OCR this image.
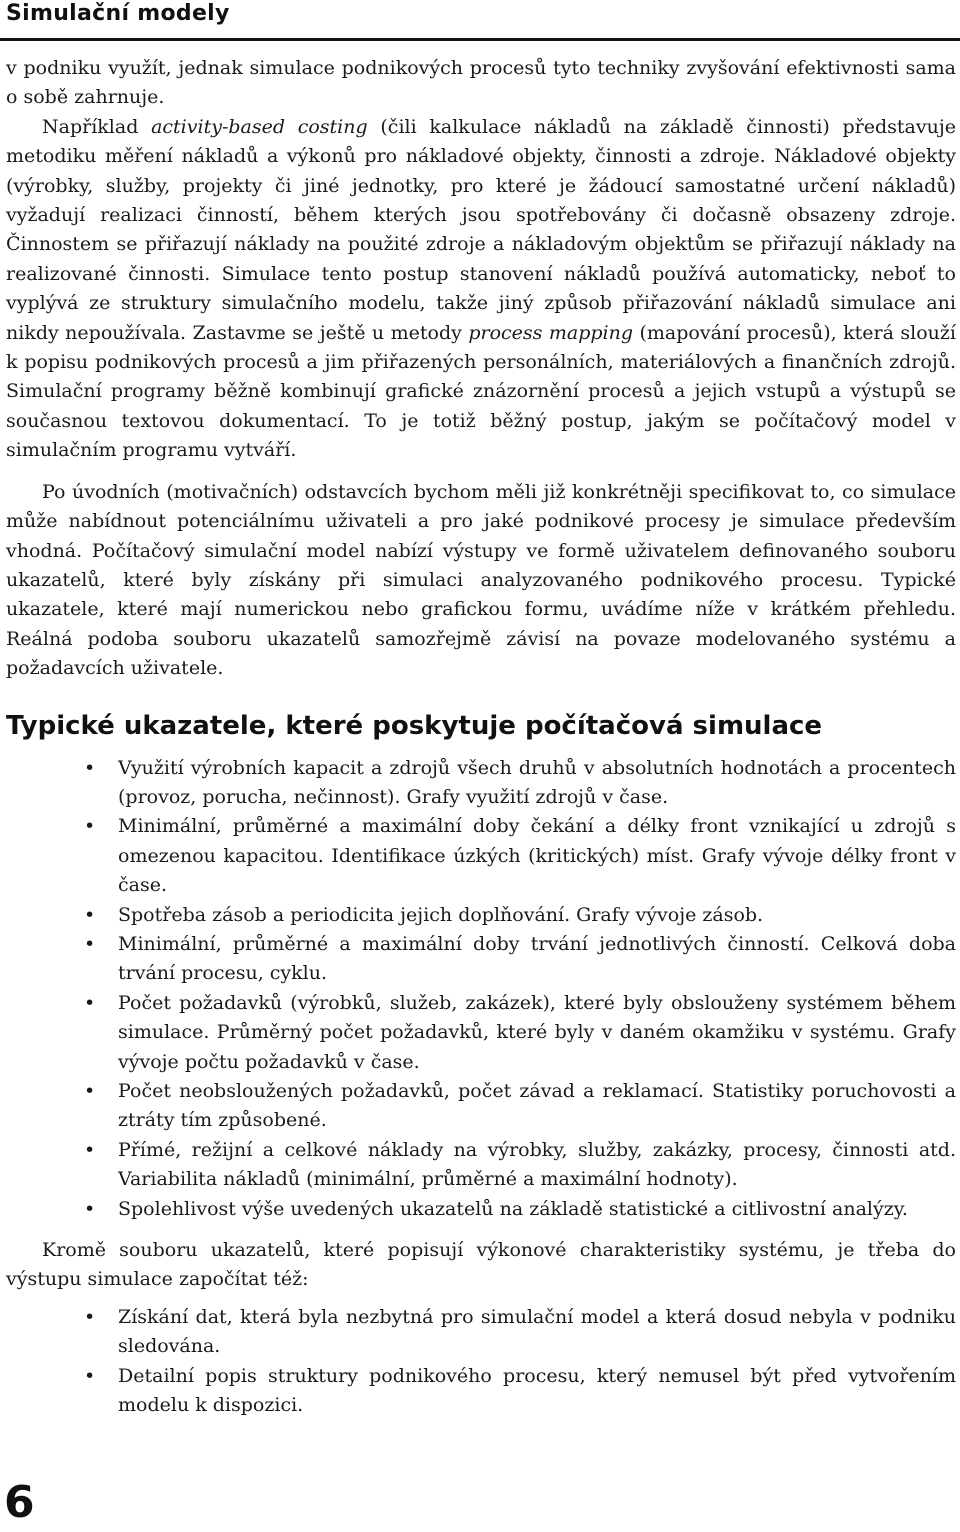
Simulační modely

v podniku využít, jednak simulace podnikových procesů tyto techniky zvyšování efektivnosti sama o sobě zahrnuje.

Například activity-based costing (čili kalkulace nákladů na základě činnosti) představuje metodiku měření nákladů a výkonů pro nákladové objekty, činnosti a zdroje. Nákladové objekty (výrobky, služby, projekty či jiné jednotky, pro které je žádoucí samostatné určení nákladů) vyžadují realizaci činností, během kterých jsou spotřebovány či dočasně obsazeny zdroje. Činnostem se přiřazují náklady na použité zdroje a nákladovým objektům se přiřazují náklady na realizované činnosti. Simulace tento postup stanovení nákladů používá automaticky, neboť to vyplývá ze struktury simulačního modelu, takže jiný způsob přiřazování nákladů simulace ani nikdy nepoužívala. Zastavme se ještě u metody process mapping (mapování procesů), která slouží k popisu podnikových procesů a jim přiřazených personálních, materiálových a finančních zdrojů. Simulační programy běžně kombinují grafické znázornění procesů a jejich vstupů a výstupů se současnou textovou dokumentací. To je totiž běžný postup, jakým se počítačový model v simulačním programu vytváří.

Po úvodních (motivačních) odstavcích bychom měli již konkrétněji specifikovat to, co simulace může nabídnout potenciálnímu uživateli a pro jaké podnikové procesy je simulace především vhodná. Počítačový simulační model nabízí výstupy ve formě uživatelem definovaného souboru ukazatelů, které byly získány při simulaci analyzovaného podnikového procesu. Typické ukazatele, které mají numerickou nebo grafickou formu, uvádíme níže v krátkém přehledu. Reálná podoba souboru ukazatelů samozřejmě závisí na povaze modelovaného systému a požadavcích uživatele.

Typické ukazatele, které poskytuje počítačová simulace
• Využití výrobních kapacit a zdrojů všech druhů v absolutních hodnotách a procentech (provoz, porucha, nečinnost). Grafy využití zdrojů v čase.
• Minimální, průměrné a maximální doby čekání a délky front vznikající u zdrojů s omezenou kapacitou. Identifikace úzkých (kritických) míst. Grafy vývoje délky front v čase.
• Spotřeba zásob a periodicita jejich doplňování. Grafy vývoje zásob.
• Minimální, průměrné a maximální doby trvání jednotlivých činností. Celková doba trvání procesu, cyklu.
• Počet požadavků (výrobků, služeb, zakázek), které byly obslouženy systémem během simulace. Průměrný počet požadavků, které byly v daném okamžiku v systému. Grafy vývoje počtu požadavků v čase.
• Počet neobsloužených požadavků, počet závad a reklamací. Statistiky poruchovosti a ztráty tím způsobené.
• Přímé, režijní a celkové náklady na výrobky, služby, zakázky, procesy, činnosti atd. Variabilita nákladů (minimální, průměrné a maximální hodnoty).
• Spolehlivost výše uvedených ukazatelů na základě statistické a citlivostní analýzy.

Kromě souboru ukazatelů, které popisují výkonové charakteristiky systému, je třeba do výstupu simulace započítat též:

• Získání dat, která byla nezbytná pro simulační model a která dosud nebyla v podniku sledována.
• Detailní popis struktury podnikového procesu, který nemusel být před vytvořením modelu k dispozici.
6
